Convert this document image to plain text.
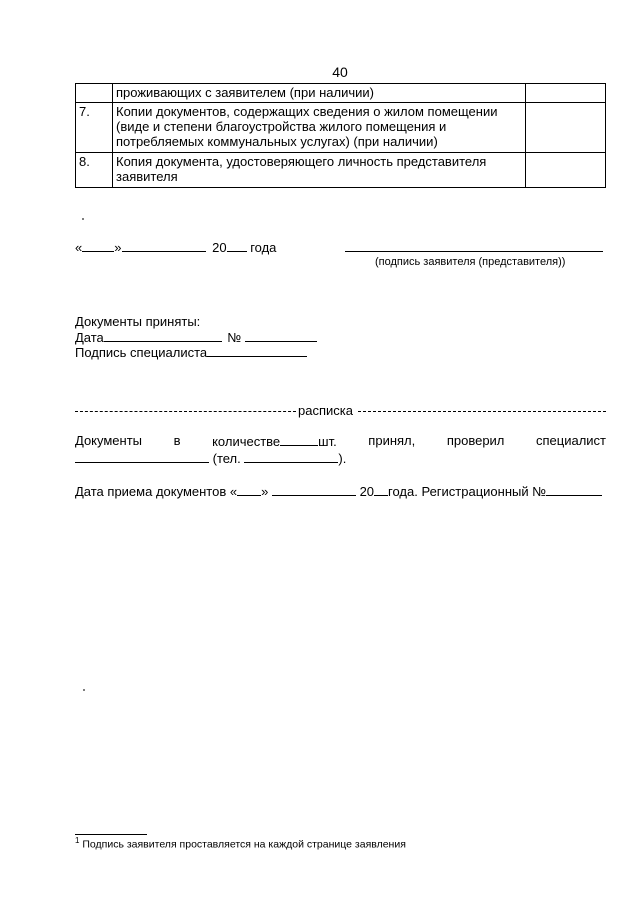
40
	проживающих с заявителем (при наличии)	
7.	Копии документов, содержащих сведения о жилом помещении (виде и степени благоустройства жилого помещения и потребляемых коммунальных услугах) (при наличии)	
8.	Копия документа, удостоверяющего личность представителя заявителя	
« »	20 года
(подпись заявителя (представителя))
Документы приняты:
Дата	№
Подпись специалиста
расписка
Документы в количестве	шт. принял, проверил специалист
(тел.	).
Дата приема документов « »	20 года. Регистрационный №
$^1$ Подпись заявителя проставляется на каждой странице заявления
